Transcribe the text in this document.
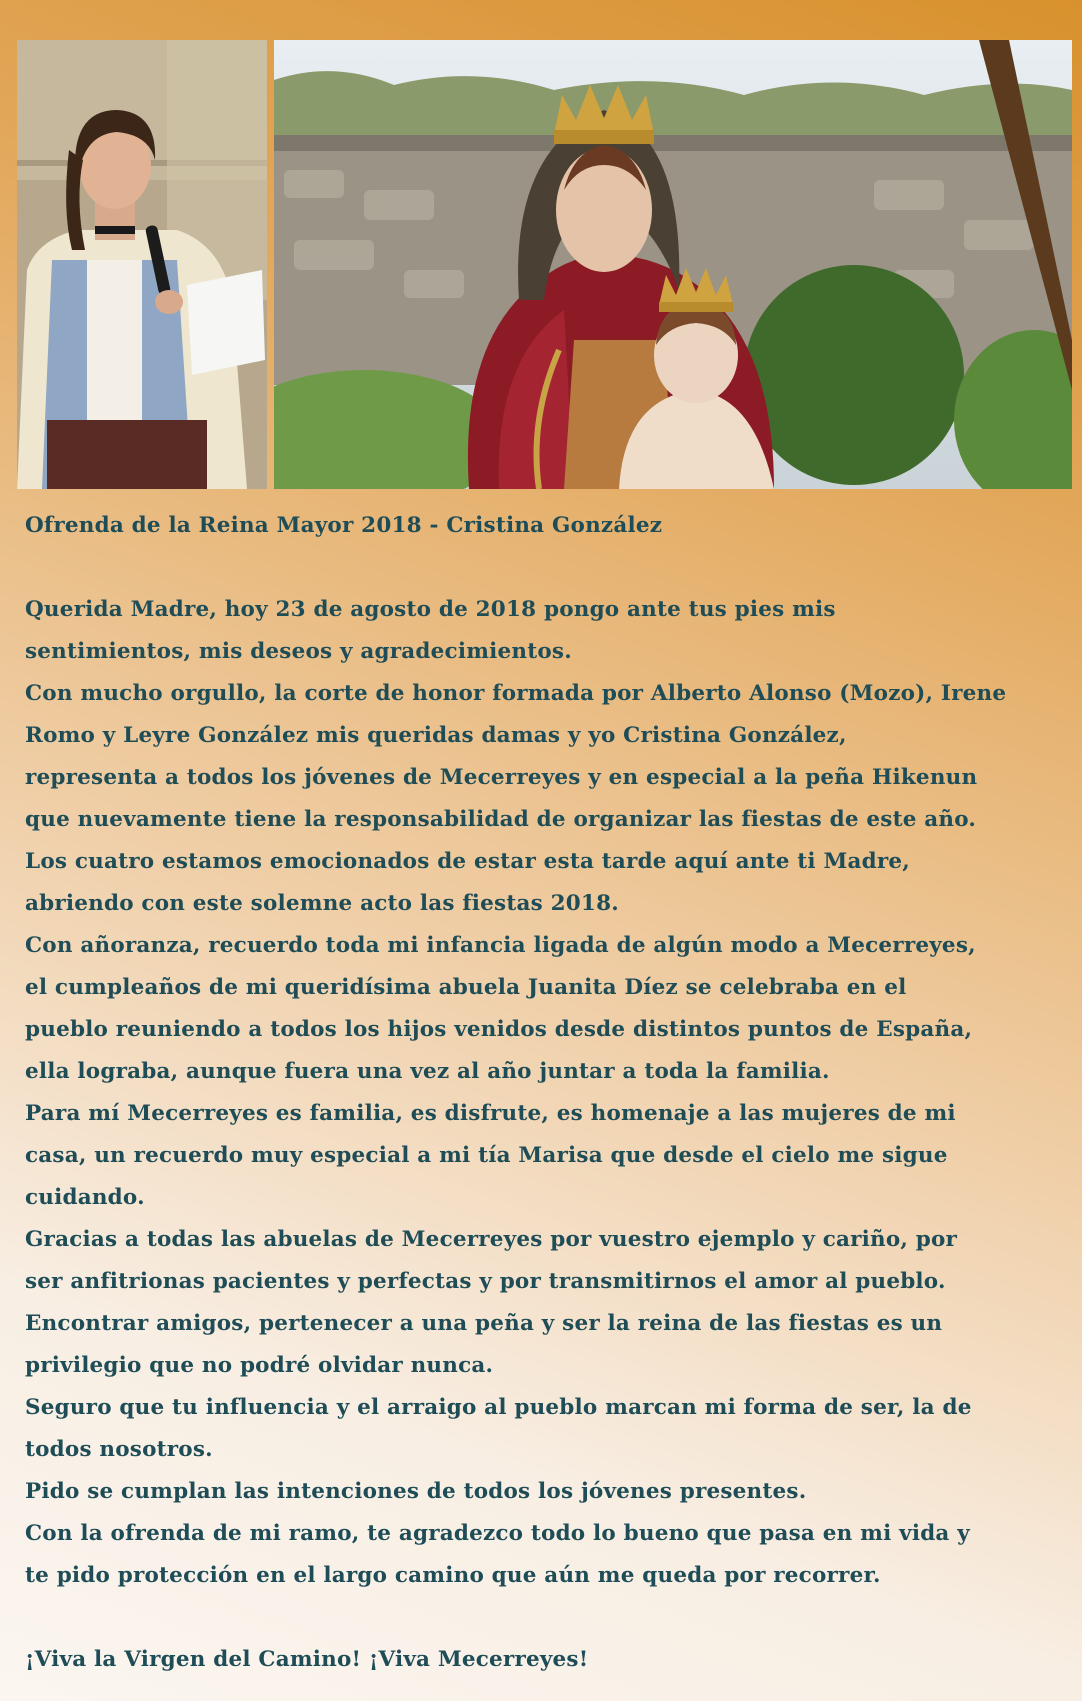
Ofrenda de la Reina Mayor 2018 - Cristina González
Querida Madre, hoy 23 de agosto de 2018 pongo ante tus pies mis
sentimientos, mis deseos y agradecimientos.
Con mucho orgullo, la corte de honor formada por Alberto Alonso (Mozo), Irene
Romo y Leyre González mis queridas damas y yo Cristina González,
representa a todos los jóvenes de Mecerreyes y en especial a la peña Hikenun
que nuevamente tiene la responsabilidad de organizar las fiestas de este año.
Los cuatro estamos emocionados de estar esta tarde aquí ante ti Madre,
abriendo con este solemne acto las fiestas 2018.
Con añoranza, recuerdo toda mi infancia ligada de algún modo a Mecerreyes,
el cumpleaños de mi queridísima abuela Juanita Díez se celebraba en el
pueblo reuniendo a todos los hijos venidos desde distintos puntos de España,
ella lograba, aunque fuera una vez al año juntar a toda la familia.
Para mí Mecerreyes es familia, es disfrute, es homenaje a las mujeres de mi
casa, un recuerdo muy especial a mi tía Marisa que desde el cielo me sigue
cuidando.
Gracias a todas las abuelas de Mecerreyes por vuestro ejemplo y cariño, por
ser anfitrionas pacientes y perfectas y por transmitirnos el amor al pueblo.
Encontrar amigos, pertenecer a una peña y ser la reina de las fiestas es un
privilegio que no podré olvidar nunca.
Seguro que tu influencia y el arraigo al pueblo marcan mi forma de ser, la de
todos nosotros.
Pido se cumplan las intenciones de todos los jóvenes presentes.
Con la ofrenda de mi ramo, te agradezco todo lo bueno que pasa en mi vida y
te pido protección en el largo camino que aún me queda por recorrer.
¡Viva la Virgen del Camino! ¡Viva Mecerreyes!
